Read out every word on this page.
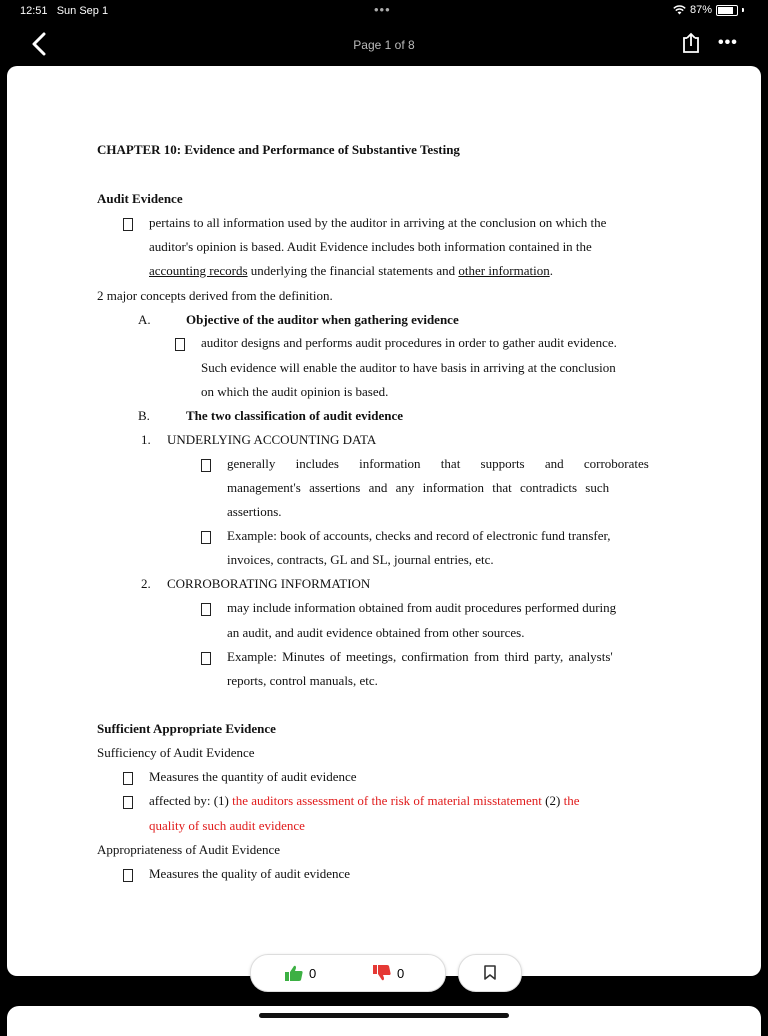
12:51 Sun Sep 1	•••	87%
Page 1 of 8	•••
CHAPTER 10: Evidence and Performance of Substantive Testing
Audit Evidence
pertains to all information used by the auditor in arriving at the conclusion on which the
auditor's opinion is based. Audit Evidence includes both information contained in the
accounting records underlying the financial statements and other information.
2 major concepts derived from the definition.
A.	Objective of the auditor when gathering evidence
auditor designs and performs audit procedures in order to gather audit evidence.
Such evidence will enable the auditor to have basis in arriving at the conclusion
on which the audit opinion is based.
B.	The two classification of audit evidence
1. UNDERLYING ACCOUNTING DATA
generally includes information that supports and corroborates
management's assertions and any information that contradicts such
assertions.
Example: book of accounts, checks and record of electronic fund transfer,
invoices, contracts, GL and SL, journal entries, etc.
2. CORROBORATING INFORMATION
may include information obtained from audit procedures performed during
an audit, and audit evidence obtained from other sources.
Example: Minutes of meetings, confirmation from third party, analysts'
reports, control manuals, etc.
Sufficient Appropriate Evidence
Sufficiency of Audit Evidence
Measures the quantity of audit evidence
affected by: (1) the auditors assessment of the risk of material misstatement (2) the
quality of such audit evidence
Appropriateness of Audit Evidence
Measures the quality of audit evidence
0	0
